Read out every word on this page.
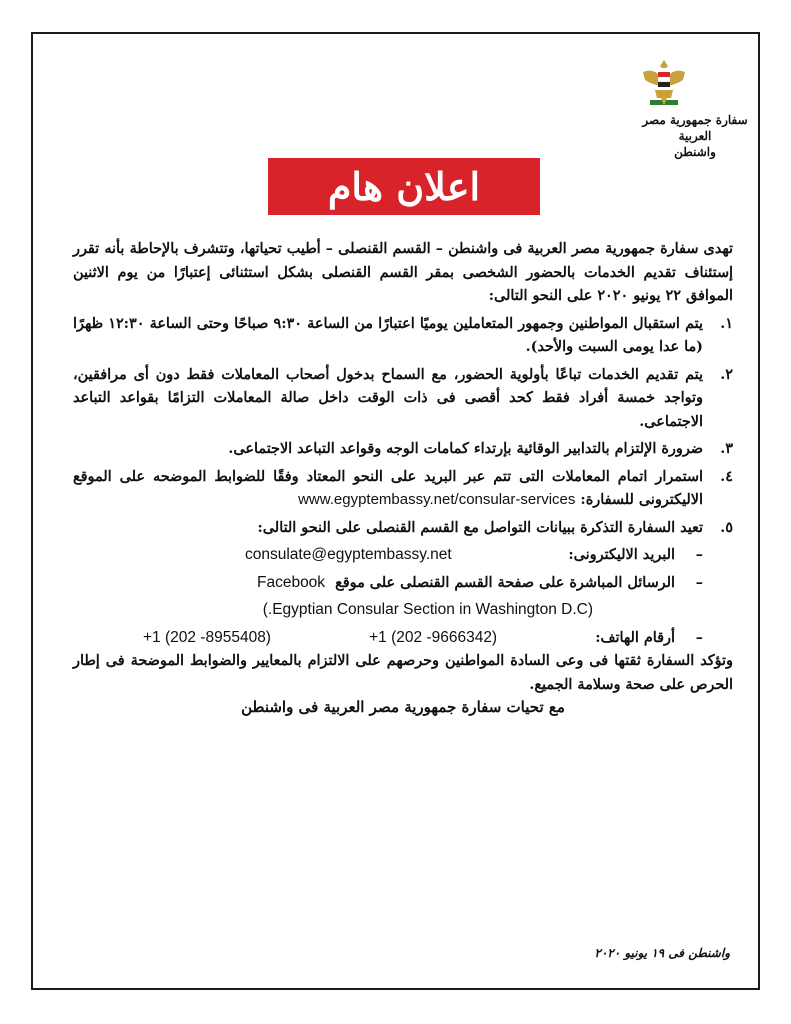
سفارة جمهورية مصر العربية
واشنطن
اعلان هام

تهدى سفارة جمهورية مصر العربية فى واشنطن – القسم القنصلى – أطيب تحياتها، وتتشرف بالإحاطة بأنه تقرر إستئناف تقديم الخدمات بالحضور الشخصى بمقر القسم القنصلى بشكل استثنائى إعتبارًا من يوم الاثنين الموافق ٢٢ يونيو ٢٠٢٠ على النحو التالى:

١.
يتم استقبال المواطنين وجمهور المتعاملين يوميًا اعتبارًا من الساعة ٩:٣٠ صباحًا وحتى الساعة ١٢:٣٠ ظهرًا (ما عدا يومى السبت والأحد).
٢.
يتم تقديم الخدمات تباعًا بأولوية الحضور، مع السماح بدخول أصحاب المعاملات فقط دون أى مرافقين، وتواجد خمسة أفراد فقط كحد أقصى فى ذات الوقت داخل صالة المعاملات التزامًا بقواعد التباعد الاجتماعى.
٣.
ضرورة الإلتزام بالتدابير الوقائية بإرتداء كمامات الوجه وقواعد التباعد الاجتماعى.
٤.
استمرار اتمام المعاملات التى تتم عبر البريد على النحو المعتاد وفقًا للضوابط الموضحه على الموقع الاليكترونى للسفارة: www.egyptembassy.net/consular-services
٥.
تعيد السفارة التذكرة ببيانات التواصل مع القسم القنصلى على النحو التالى:
–
البريد الاليكترونى:
consulate@egyptembassy.net
–
الرسائل المباشرة على صفحة القسم القنصلى على موقع  Facebook
(Egyptian Consular Section in Washington D.C.)
–
أرقام الهاتف:
+1 (202 -9666342)
+1 (202 -8955408)

وتؤكد السفارة ثقتها فى وعى السادة المواطنين وحرصهم على الالتزام بالمعايير والضوابط الموضحة فى إطار الحرص على صحة وسلامة الجميع.

مع تحيات سفارة جمهورية مصر العربية فى واشنطن

واشنطن فى ١٩ يونيو ٢٠٢٠
